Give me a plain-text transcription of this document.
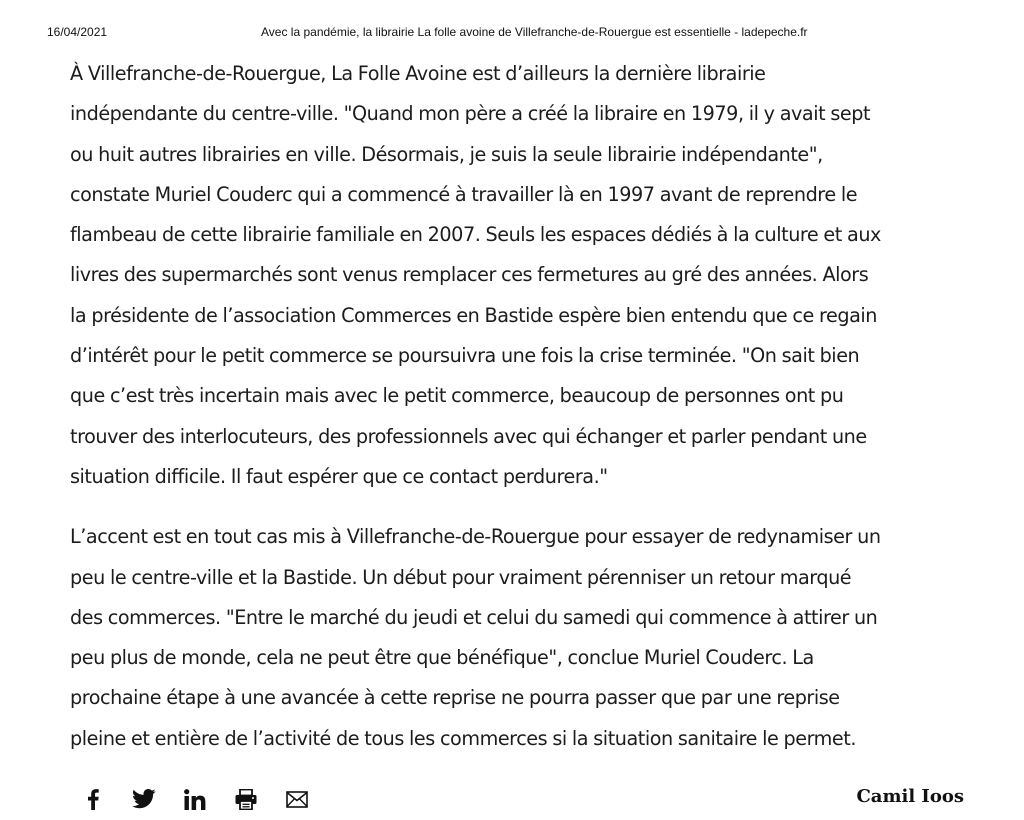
16/04/2021	Avec la pandémie, la librairie La folle avoine de Villefranche-de-Rouergue est essentielle - ladepeche.fr

À Villefranche-de-Rouergue, La Folle Avoine est d’ailleurs la dernière librairie
indépendante du centre-ville. "Quand mon père a créé la libraire en 1979, il y avait sept
ou huit autres librairies en ville. Désormais, je suis la seule librairie indépendante",
constate Muriel Couderc qui a commencé à travailler là en 1997 avant de reprendre le
flambeau de cette librairie familiale en 2007. Seuls les espaces dédiés à la culture et aux
livres des supermarchés sont venus remplacer ces fermetures au gré des années. Alors
la présidente de l’association Commerces en Bastide espère bien entendu que ce regain
d’intérêt pour le petit commerce se poursuivra une fois la crise terminée. "On sait bien
que c’est très incertain mais avec le petit commerce, beaucoup de personnes ont pu
trouver des interlocuteurs, des professionnels avec qui échanger et parler pendant une
situation difficile. Il faut espérer que ce contact perdurera."

L’accent est en tout cas mis à Villefranche-de-Rouergue pour essayer de redynamiser un
peu le centre-ville et la Bastide. Un début pour vraiment pérenniser un retour marqué
des commerces. "Entre le marché du jeudi et celui du samedi qui commence à attirer un
peu plus de monde, cela ne peut être que bénéfique", conclue Muriel Couderc. La
prochaine étape à une avancée à cette reprise ne pourra passer que par une reprise
pleine et entière de l’activité de tous les commerces si la situation sanitaire le permet.

Camil Ioos
